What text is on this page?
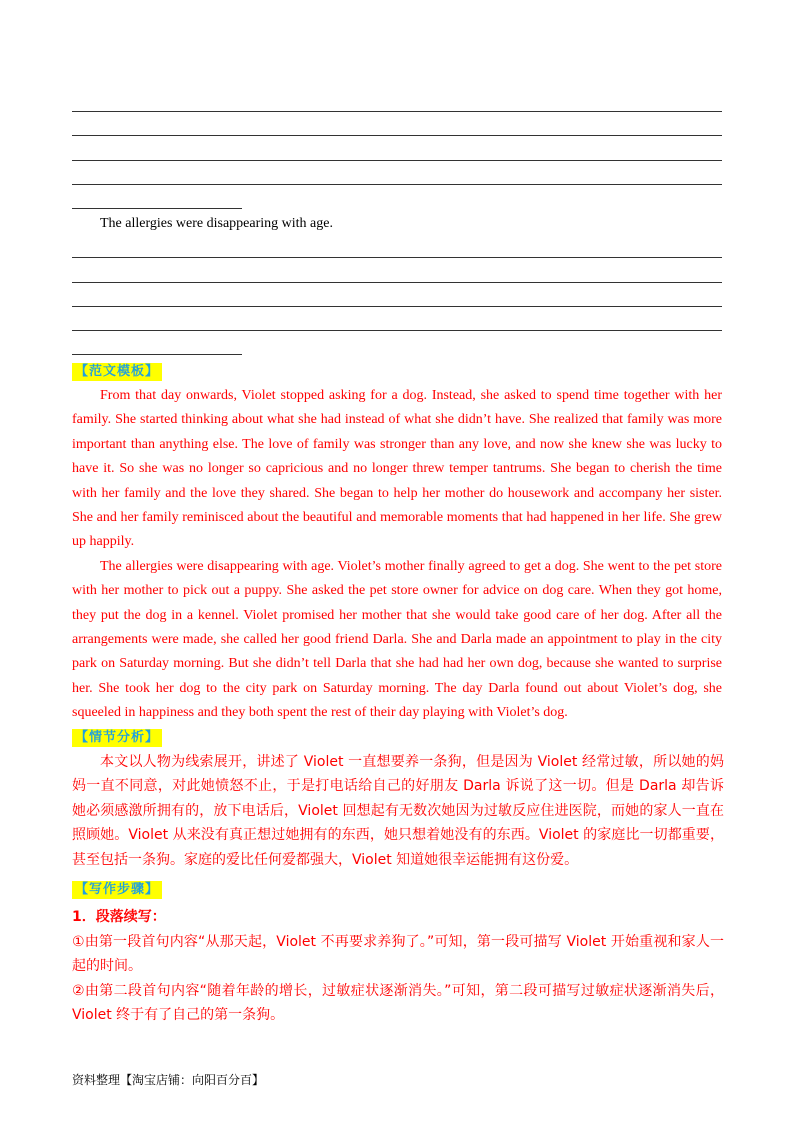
The allergies were disappearing with age.
【范文模板】

From that day onwards, Violet stopped asking for a dog. Instead, she asked to spend time together with her family. She started thinking about what she had instead of what she didn’t have. She realized that family was more important than anything else. The love of family was stronger than any love, and now she knew she was lucky to have it. So she was no longer so capricious and no longer threw temper tantrums. She began to cherish the time with her family and the love they shared. She began to help her mother do housework and accompany her sister. She and her family reminisced about the beautiful and memorable moments that had happened in her life. She grew up happily.

The allergies were disappearing with age. Violet’s mother finally agreed to get a dog. She went to the pet store with her mother to pick out a puppy. She asked the pet store owner for advice on dog care. When they got home, they put the dog in a kennel. Violet promised her mother that she would take good care of her dog. After all the arrangements were made, she called her good friend Darla. She and Darla made an appointment to play in the city park on Saturday morning. But she didn’t tell Darla that she had had her own dog, because she wanted to surprise her. She took her dog to the city park on Saturday morning. The day Darla found out about Violet’s dog, she squeeled in happiness and they both spent the rest of their day playing with Violet’s dog.

【情节分析】

本文以人物为线索展开，讲述了 Violet 一直想要养一条狗，但是因为 Violet 经常过敏，所以她的妈妈一直不同意，对此她愤怒不止，于是打电话给自己的好朋友 Darla 诉说了这一切。但是 Darla 却告诉她必须感激所拥有的，放下电话后，Violet 回想起有无数次她因为过敏反应住进医院，而她的家人一直在照顾她。Violet 从来没有真正想过她拥有的东西，她只想着她没有的东西。Violet 的家庭比一切都重要，甚至包括一条狗。家庭的爱比任何爱都强大，Violet 知道她很幸运能拥有这份爱。

【写作步骤】
1．段落续写：

①由第一段首句内容“从那天起，Violet 不再要求养狗了。”可知，第一段可描写 Violet 开始重视和家人一起的时间。

②由第二段首句内容“随着年龄的增长，过敏症状逐渐消失。”可知，第二段可描写过敏症状逐渐消失后，Violet 终于有了自己的第一条狗。

资料整理【淘宝店铺：向阳百分百】
